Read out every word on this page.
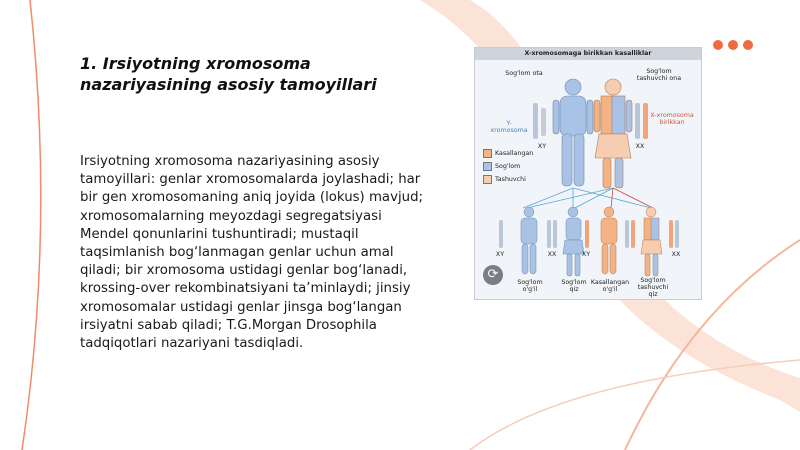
1. Irsiyotning xromosoma
nazariyasining asosiy tamoyillari

Irsiyotning xromosoma nazariyasining asosiy tamoyillari: genlar xromosomalarda joylashadi; har bir gen xromosomaning aniq joyida (lokus) mavjud; xromosomalarning meyozdagi segregatsiyasi Mendel qonunlarini tushuntiradi; mustaqil taqsimlanish bog‘lanmagan genlar uchun amal qiladi; bir xromosoma ustidagi genlar bog‘lanadi, krossing-over rekombinatsiyani ta’minlaydi; jinsiy xromosomalar ustidagi genlar jinsga bog‘langan irsiyatni sabab qiladi; T.G.Morgan Drosophila tadqiqotlari nazariyani tasdiqladi.

X-xromosomaga birikkan kasalliklar
Sog'lom ota	Sog'lom
tashuvchi ona
Y-xromosoma
X-xromosoma birikkan
XY	XX
Kasallangan
Sog'lom
Tashuvchi
XY	XX	XY	XX
Sog'lom
o'g'il
Sog'lom
qiz
Kasallangan
o'g'il
Sog'lom
tashuvchi
qiz
⟳
